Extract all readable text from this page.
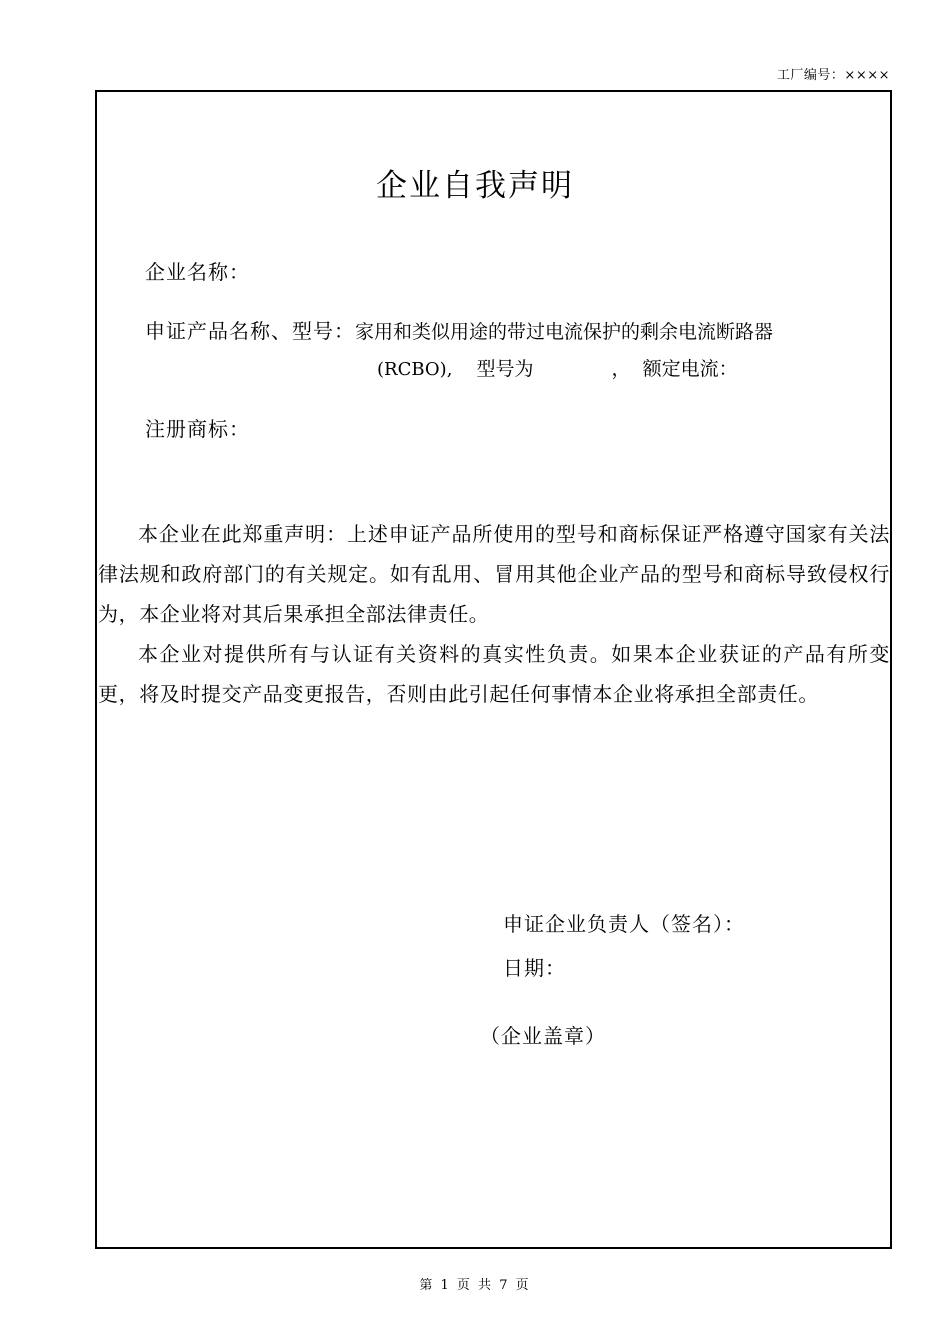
工厂编号：××××
企业自我声明
企业名称：
申证产品名称、型号：家用和类似用途的带过电流保护的剩余电流断路器
(RCBO), 型号为	， 额定电流：
注册商标：

本企业在此郑重声明：上述申证产品所使用的型号和商标保证严格遵守国家有关法律法规和政府部门的有关规定。如有乱用、冒用其他企业产品的型号和商标导致侵权行为，本企业将对其后果承担全部法律责任。

本企业对提供所有与认证有关资料的真实性负责。如果本企业获证的产品有所变更，将及时提交产品变更报告，否则由此引起任何事情本企业将承担全部责任。

申证企业负责人（签名）：
日期：
（企业盖章）
第 1 页 共 7 页
